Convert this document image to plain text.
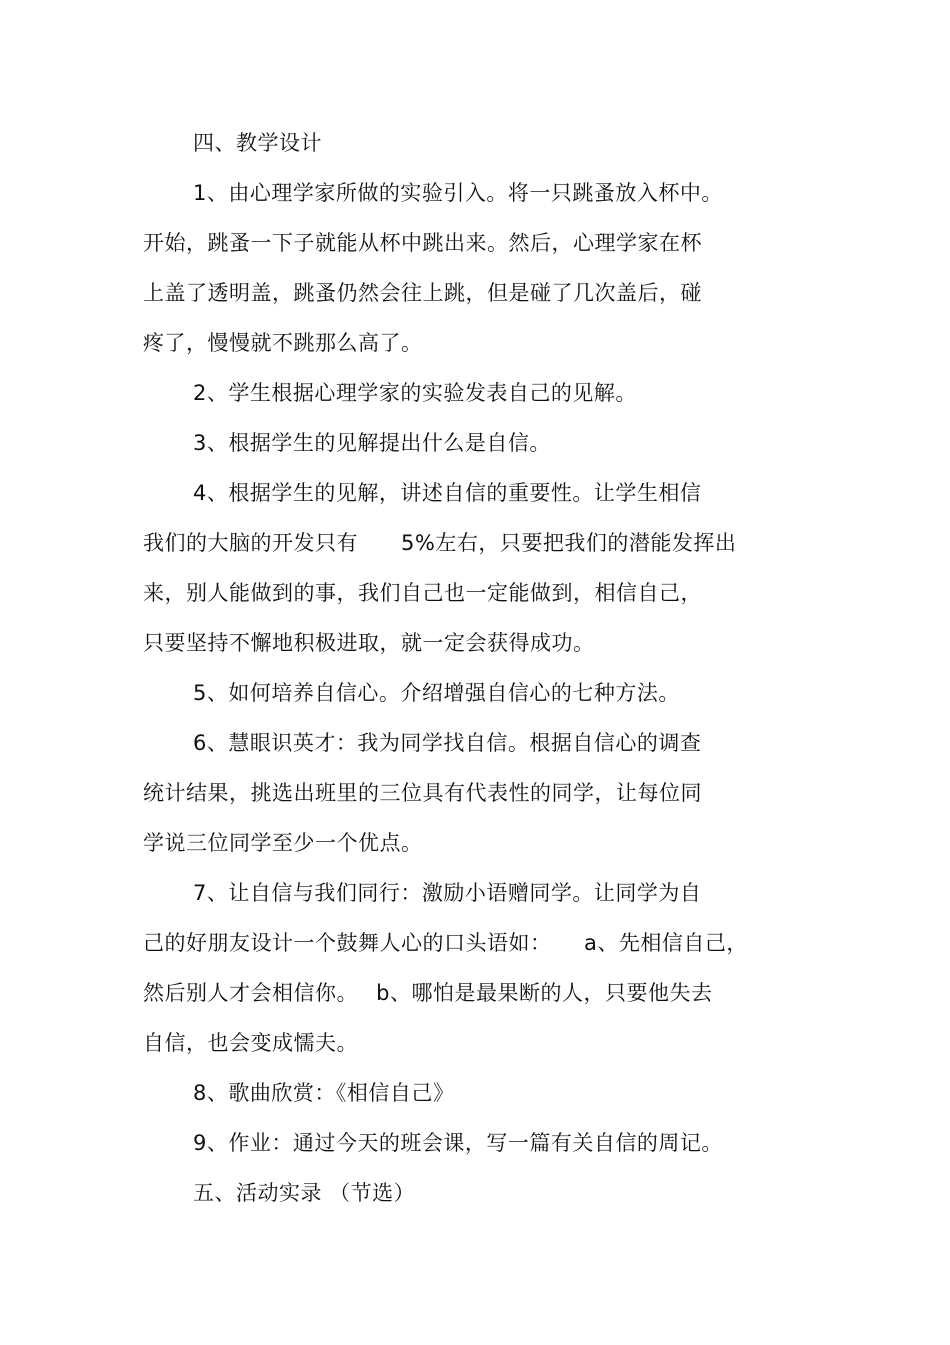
四、教学设计
1、由心理学家所做的实验引入。将一只跳蚤放入杯中。
开始，跳蚤一下子就能从杯中跳出来。然后，心理学家在杯
上盖了透明盖，跳蚤仍然会往上跳，但是碰了几次盖后，碰
疼了，慢慢就不跳那么高了。
2、学生根据心理学家的实验发表自己的见解。
3、根据学生的见解提出什么是自信。
4、根据学生的见解，讲述自信的重要性。让学生相信
我们的大脑的开发只有　　5%左右，只要把我们的潜能发挥出
来，别人能做到的事，我们自己也一定能做到，相信自己，
只要坚持不懈地积极进取，就一定会获得成功。
5、如何培养自信心。介绍增强自信心的七种方法。
6、慧眼识英才：我为同学找自信。根据自信心的调查
统计结果，挑选出班里的三位具有代表性的同学，让每位同
学说三位同学至少一个优点。
7、让自信与我们同行：激励小语赠同学。让同学为自
己的好朋友设计一个鼓舞人心的口头语如：　　a、先相信自己，
然后别人才会相信你。　 b、哪怕是最果断的人，只要他失去
自信，也会变成懦夫。
8、歌曲欣赏：《相信自己》
9、作业：通过今天的班会课，写一篇有关自信的周记。
五、活动实录 （节选）
